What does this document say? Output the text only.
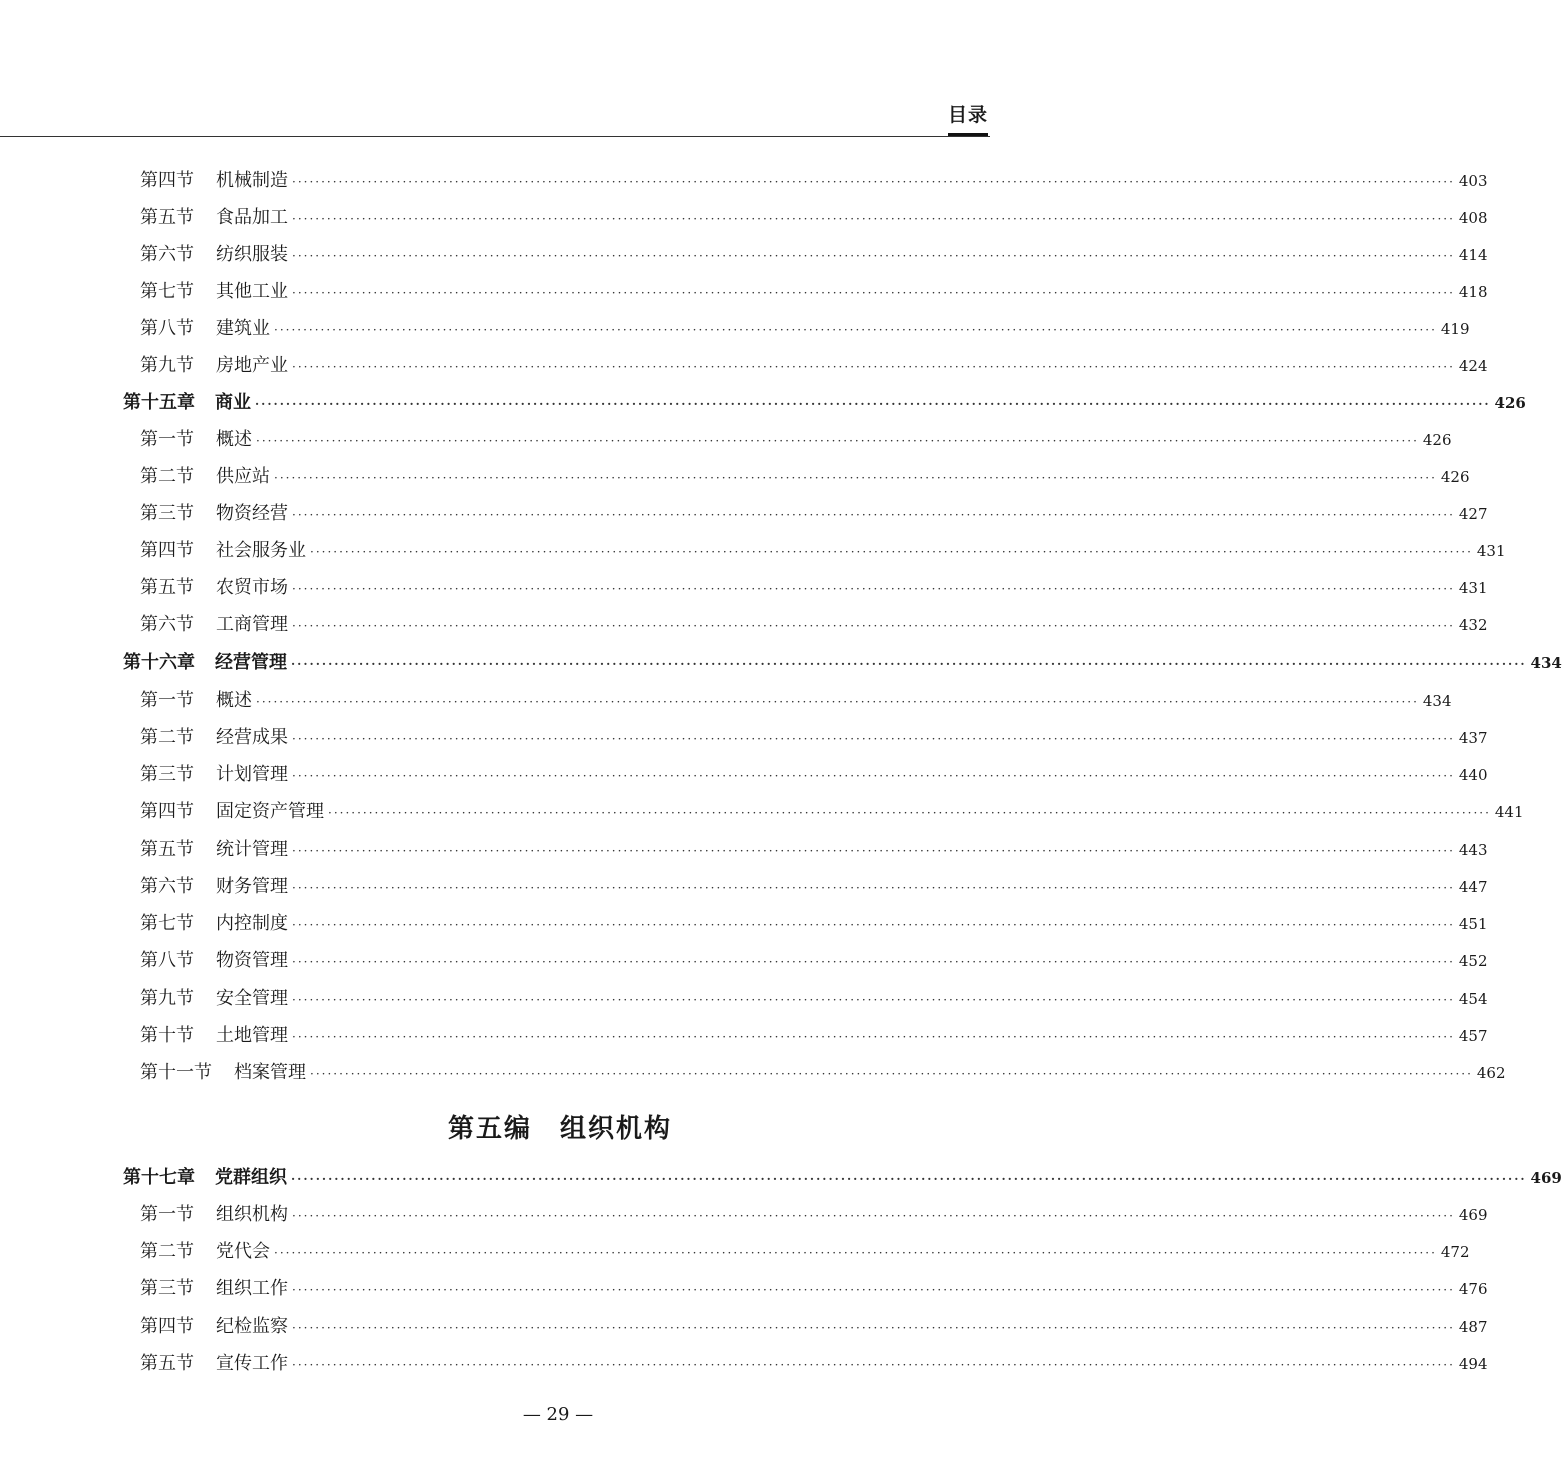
目录
第四节 机械制造 ········································································································································································································ 403
第五节 食品加工 ········································································································································································································ 408
第六节 纺织服装 ········································································································································································································ 414
第七节 其他工业 ········································································································································································································ 418
第八节 建筑业 ········································································································································································································ 419
第九节 房地产业 ········································································································································································································ 424
第十五章 商业 ········································································································································································································ 426
第一节 概述 ········································································································································································································ 426
第二节 供应站 ········································································································································································································ 426
第三节 物资经营 ········································································································································································································ 427
第四节 社会服务业 ········································································································································································································ 431
第五节 农贸市场 ········································································································································································································ 431
第六节 工商管理 ········································································································································································································ 432
第十六章 经营管理 ········································································································································································································ 434
第一节 概述 ········································································································································································································ 434
第二节 经营成果 ········································································································································································································ 437
第三节 计划管理 ········································································································································································································ 440
第四节 固定资产管理 ········································································································································································································ 441
第五节 统计管理 ········································································································································································································ 443
第六节 财务管理 ········································································································································································································ 447
第七节 内控制度 ········································································································································································································ 451
第八节 物资管理 ········································································································································································································ 452
第九节 安全管理 ········································································································································································································ 454
第十节 土地管理 ········································································································································································································ 457
第十一节 档案管理 ········································································································································································································ 462
第十七章 党群组织 ········································································································································································································ 469
第一节 组织机构 ········································································································································································································ 469
第二节 党代会 ········································································································································································································ 472
第三节 组织工作 ········································································································································································································ 476
第四节 纪检监察 ········································································································································································································ 487
第五节 宣传工作 ········································································································································································································ 494
第五编　组织机构
— 29 —
